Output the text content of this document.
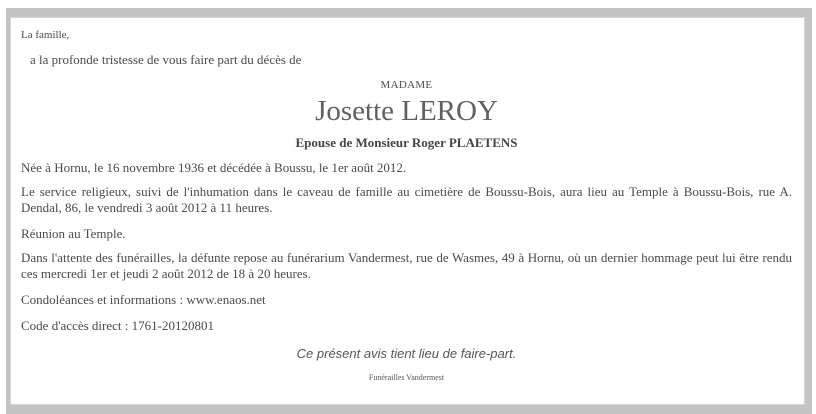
La famille,
a la profonde tristesse de vous faire part du décès de
MADAME
Josette LEROY
Epouse de Monsieur Roger PLAETENS
Née à Hornu, le 16 novembre 1936 et décédée à Boussu, le 1er août 2012.
Le service religieux, suivi de l'inhumation dans le caveau de famille au cimetière de Boussu-Bois, aura lieu au Temple à Boussu-Bois, rue A. Dendal, 86, le vendredi 3 août 2012 à 11 heures.
Réunion au Temple.
Dans l'attente des funérailles, la défunte repose au funérarium Vandermest, rue de Wasmes, 49 à Hornu, où un dernier hommage peut lui être rendu ces mercredi 1er et jeudi 2 août 2012 de 18 à 20 heures.
Condoléances et informations : www.enaos.net
Code d'accès direct : 1761-20120801
Ce présent avis tient lieu de faire-part.
Funérailles Vandermest
